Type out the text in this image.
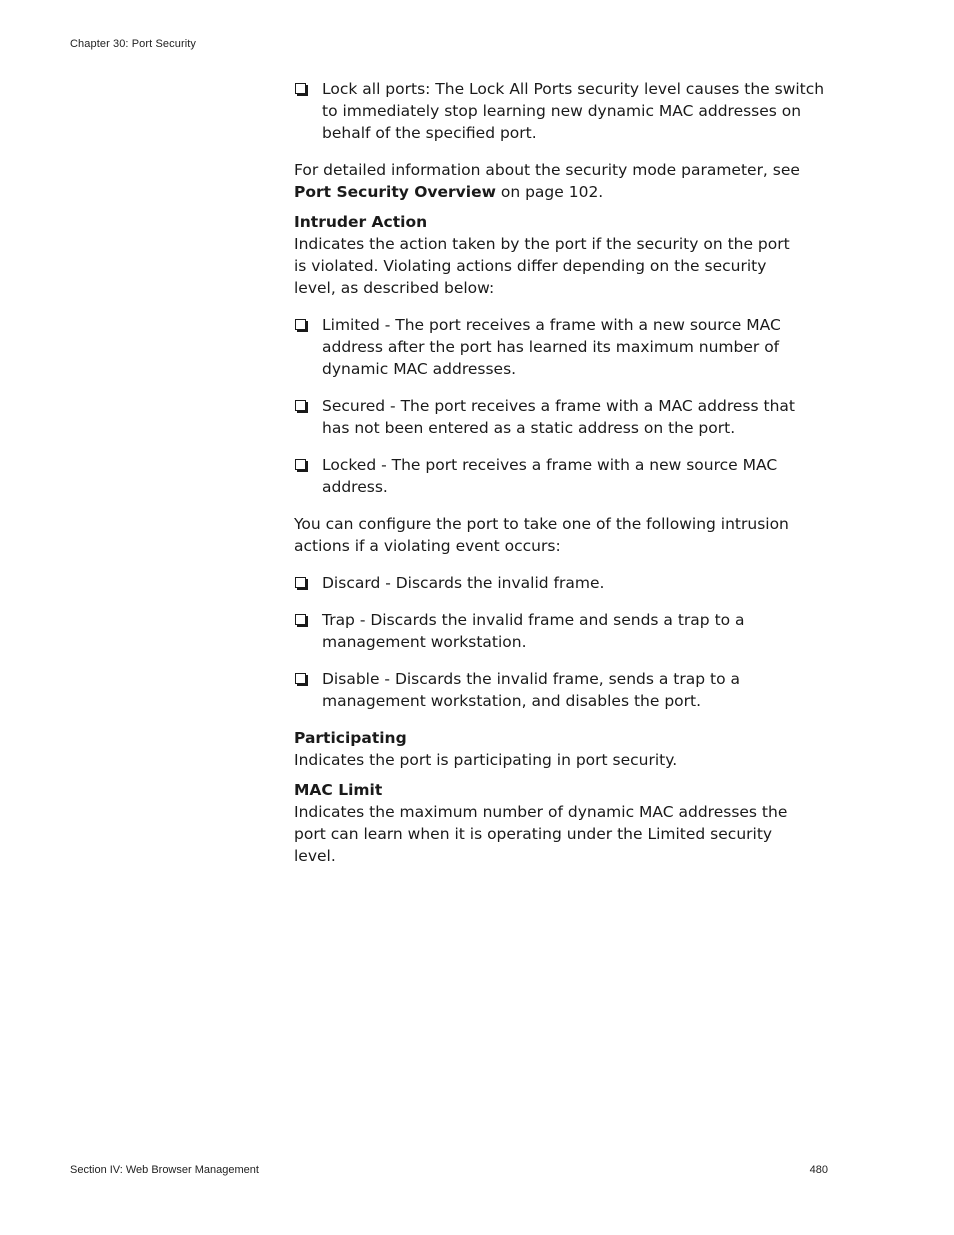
Chapter 30: Port Security
Lock all ports: The Lock All Ports security level causes the switch to immediately stop learning new dynamic MAC addresses on behalf of the specified port.
For detailed information about the security mode parameter, see Port Security Overview on page 102.
Intruder Action
Indicates the action taken by the port if the security on the port is violated. Violating actions differ depending on the security level, as described below:
Limited - The port receives a frame with a new source MAC address after the port has learned its maximum number of dynamic MAC addresses.
Secured - The port receives a frame with a MAC address that has not been entered as a static address on the port.
Locked - The port receives a frame with a new source MAC address.
You can configure the port to take one of the following intrusion actions if a violating event occurs:
Discard - Discards the invalid frame.
Trap - Discards the invalid frame and sends a trap to a management workstation.
Disable - Discards the invalid frame, sends a trap to a management workstation, and disables the port.
Participating
Indicates the port is participating in port security.
MAC Limit
Indicates the maximum number of dynamic MAC addresses the port can learn when it is operating under the Limited security level.
Section IV: Web Browser Management	480
